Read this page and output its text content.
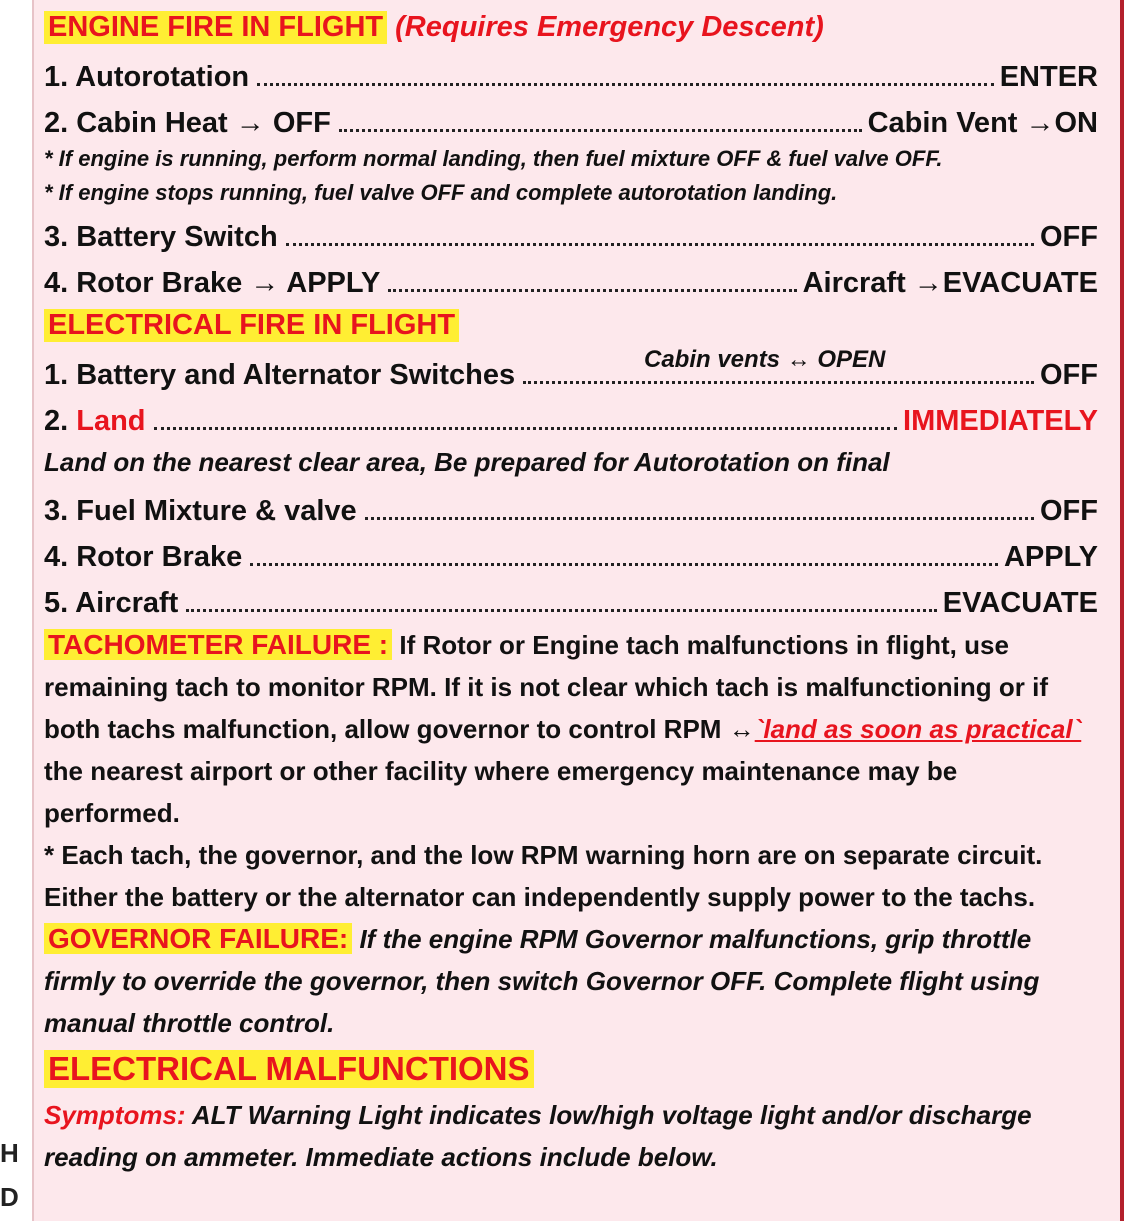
H
D
ENGINE FIRE IN FLIGHT (Requires Emergency Descent)
1. Autorotation	ENTER
2. Cabin Heat → OFF	Cabin Vent →ON
* If engine is running, perform normal landing, then fuel mixture OFF & fuel valve OFF.
* If engine stops running, fuel valve OFF and complete autorotation landing.
3. Battery Switch	OFF
4. Rotor Brake → APPLY	Aircraft →EVACUATE
ELECTRICAL FIRE IN FLIGHT
Cabin vents ↔ OPEN
1. Battery and Alternator Switches	OFF
2. Land	IMMEDIATELY
Land on the nearest clear area, Be prepared for Autorotation on final
3. Fuel Mixture & valve	OFF
4. Rotor Brake	APPLY
5. Aircraft	EVACUATE
TACHOMETER FAILURE : If Rotor or Engine tach malfunctions in flight, use remaining tach to monitor RPM. If it is not clear which tach is malfunctioning or if both tachs malfunction, allow governor to control RPM ↔`land as soon as practical` the nearest airport or other facility where emergency maintenance may be performed.
* Each tach, the governor, and the low RPM warning horn are on separate circuit. Either the battery or the alternator can independently supply power to the tachs.
GOVERNOR FAILURE: If the engine RPM Governor malfunctions, grip throttle firmly to override the governor, then switch Governor OFF. Complete flight using manual throttle control.
ELECTRICAL MALFUNCTIONS
Symptoms: ALT Warning Light indicates low/high voltage light and/or discharge reading on ammeter. Immediate actions include below.
